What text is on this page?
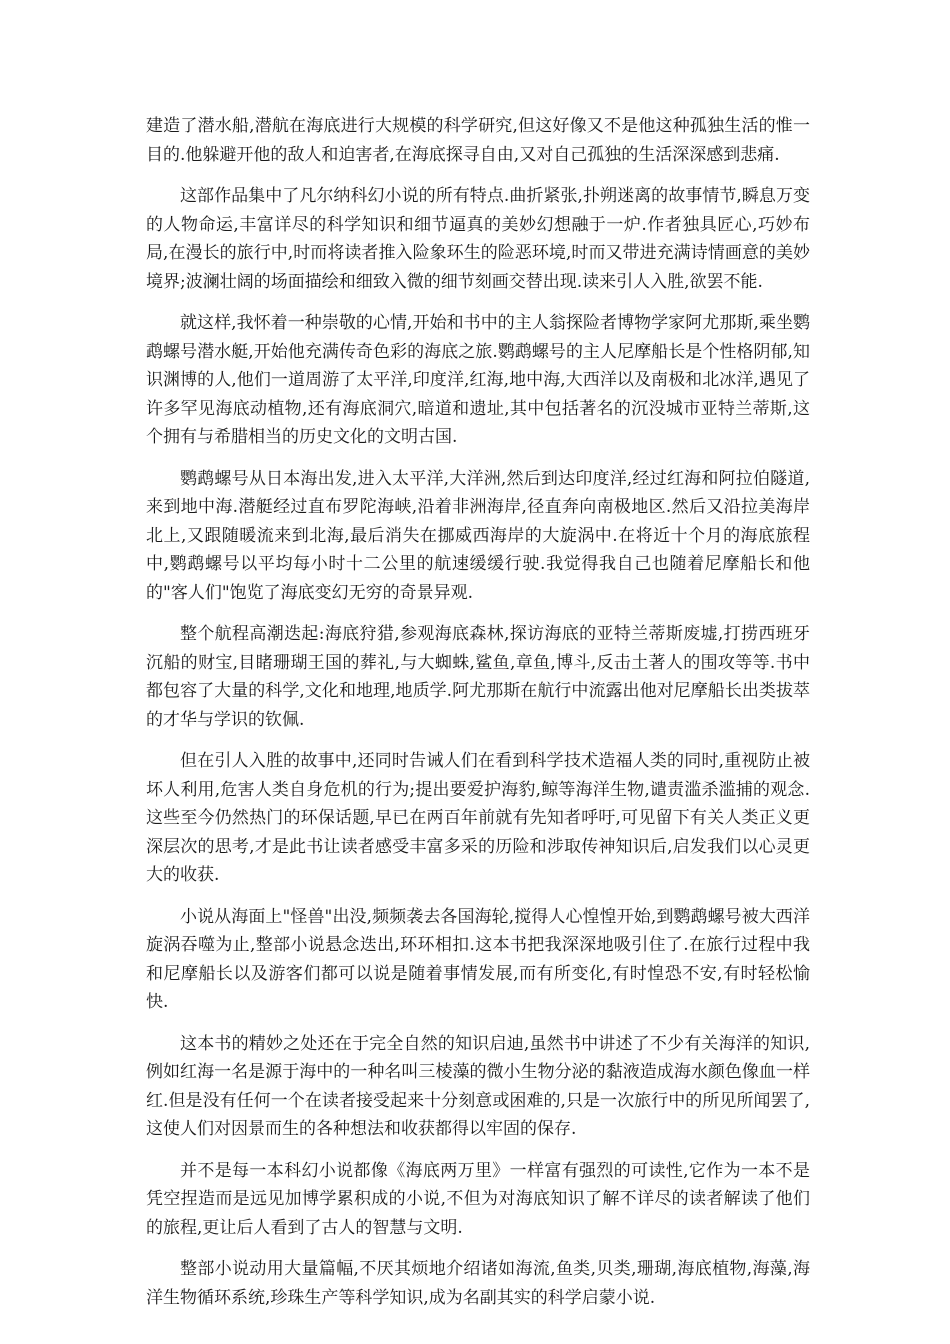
建造了潜水船,潜航在海底进行大规模的科学研究,但这好像又不是他这种孤独生活的惟一目的.他躲避开他的敌人和迫害者,在海底探寻自由,又对自己孤独的生活深深感到悲痛.

这部作品集中了凡尔纳科幻小说的所有特点.曲折紧张,扑朔迷离的故事情节,瞬息万变的人物命运,丰富详尽的科学知识和细节逼真的美妙幻想融于一炉.作者独具匠心,巧妙布局,在漫长的旅行中,时而将读者推入险象环生的险恶环境,时而又带进充满诗情画意的美妙境界;波澜壮阔的场面描绘和细致入微的细节刻画交替出现.读来引人入胜,欲罢不能.

就这样,我怀着一种崇敬的心情,开始和书中的主人翁探险者博物学家阿尤那斯,乘坐鹦鹉螺号潜水艇,开始他充满传奇色彩的海底之旅.鹦鹉螺号的主人尼摩船长是个性格阴郁,知识渊博的人,他们一道周游了太平洋,印度洋,红海,地中海,大西洋以及南极和北冰洋,遇见了许多罕见海底动植物,还有海底洞穴,暗道和遗址,其中包括著名的沉没城市亚特兰蒂斯,这个拥有与希腊相当的历史文化的文明古国.

鹦鹉螺号从日本海出发,进入太平洋,大洋洲,然后到达印度洋,经过红海和阿拉伯隧道,来到地中海.潜艇经过直布罗陀海峡,沿着非洲海岸,径直奔向南极地区.然后又沿拉美海岸北上,又跟随暖流来到北海,最后消失在挪威西海岸的大旋涡中.在将近十个月的海底旅程中,鹦鹉螺号以平均每小时十二公里的航速缓缓行驶.我觉得我自己也随着尼摩船长和他的"客人们"饱览了海底变幻无穷的奇景异观.

整个航程高潮迭起:海底狩猎,参观海底森林,探访海底的亚特兰蒂斯废墟,打捞西班牙沉船的财宝,目睹珊瑚王国的葬礼,与大蜘蛛,鲨鱼,章鱼,博斗,反击土著人的围攻等等.书中都包容了大量的科学,文化和地理,地质学.阿尤那斯在航行中流露出他对尼摩船长出类拔萃的才华与学识的钦佩.

但在引人入胜的故事中,还同时告诫人们在看到科学技术造福人类的同时,重视防止被坏人利用,危害人类自身危机的行为;提出要爱护海豹,鲸等海洋生物,谴责滥杀滥捕的观念.这些至今仍然热门的环保话题,早已在两百年前就有先知者呼吁,可见留下有关人类正义更深层次的思考,才是此书让读者感受丰富多采的历险和涉取传神知识后,启发我们以心灵更大的收获.

小说从海面上"怪兽"出没,频频袭去各国海轮,搅得人心惶惶开始,到鹦鹉螺号被大西洋旋涡吞噬为止,整部小说悬念迭出,环环相扣.这本书把我深深地吸引住了.在旅行过程中我和尼摩船长以及游客们都可以说是随着事情发展,而有所变化,有时惶恐不安,有时轻松愉快.

这本书的精妙之处还在于完全自然的知识启迪,虽然书中讲述了不少有关海洋的知识,例如红海一名是源于海中的一种名叫三棱藻的微小生物分泌的黏液造成海水颜色像血一样红.但是没有任何一个在读者接受起来十分刻意或困难的,只是一次旅行中的所见所闻罢了,这使人们对因景而生的各种想法和收获都得以牢固的保存.

并不是每一本科幻小说都像《海底两万里》一样富有强烈的可读性,它作为一本不是凭空捏造而是远见加博学累积成的小说,不但为对海底知识了解不详尽的读者解读了他们的旅程,更让后人看到了古人的智慧与文明.

整部小说动用大量篇幅,不厌其烦地介绍诸如海流,鱼类,贝类,珊瑚,海底植物,海藻,海洋生物循环系统,珍珠生产等科学知识,成为名副其实的科学启蒙小说.
